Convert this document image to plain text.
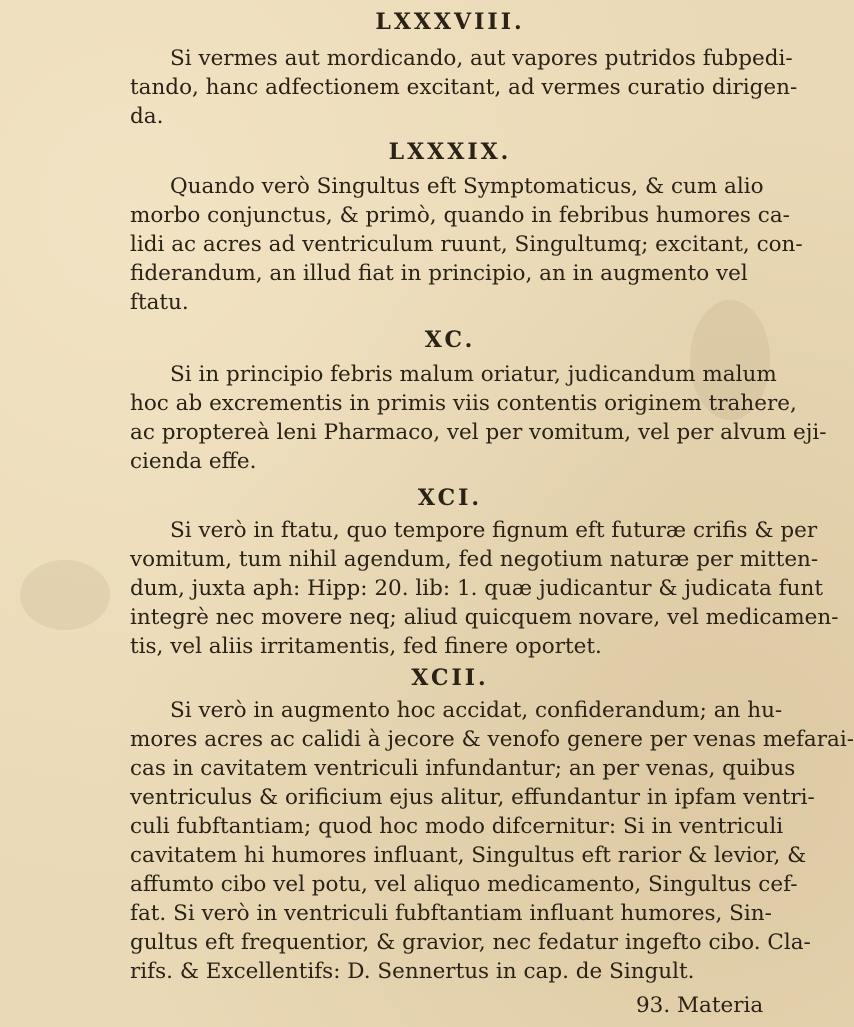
LXXXVIII.
Si vermes aut mordicando, aut vapores putridos fubpedi-
tando, hanc adfectionem excitant, ad vermes curatio dirigen-
da.
LXXXIX.
Quando verò Singultus eft Symptomaticus, & cum alio
morbo conjunctus, & primò, quando in febribus humores ca-
lidi ac acres ad ventriculum ruunt, Singultumq; excitant, con-
fiderandum, an illud fiat in principio, an in augmento vel
ftatu.
XC.
Si in principio febris malum oriatur, judicandum malum
hoc ab excrementis in primis viis contentis originem trahere,
ac proptereà leni Pharmaco, vel per vomitum, vel per alvum eji-
cienda effe.
XCI.
Si verò in ftatu, quo tempore fignum eft futuræ crifis & per
vomitum, tum nihil agendum, fed negotium naturæ per mitten-
dum, juxta aph: Hipp: 20. lib: 1. quæ judicantur & judicata funt
integrè nec movere neq; aliud quicquem novare, vel medicamen-
tis, vel aliis irritamentis, fed finere oportet.
XCII.
Si verò in augmento hoc accidat, confiderandum; an hu-
mores acres ac calidi à jecore & venofo genere per venas mefarai-
cas in cavitatem ventriculi infundantur; an per venas, quibus
ventriculus & orificium ejus alitur, effundantur in ipfam ventri-
culi fubftantiam; quod hoc modo difcernitur: Si in ventriculi
cavitatem hi humores influant, Singultus eft rarior & levior, &
affumto cibo vel potu, vel aliquo medicamento, Singultus cef-
fat. Si verò in ventriculi fubftantiam influant humores, Sin-
gultus eft frequentior, & gravior, nec fedatur ingefto cibo. Cla-
rifs. & Excellentifs: D. Sennertus in cap. de Singult.
93. Materia
